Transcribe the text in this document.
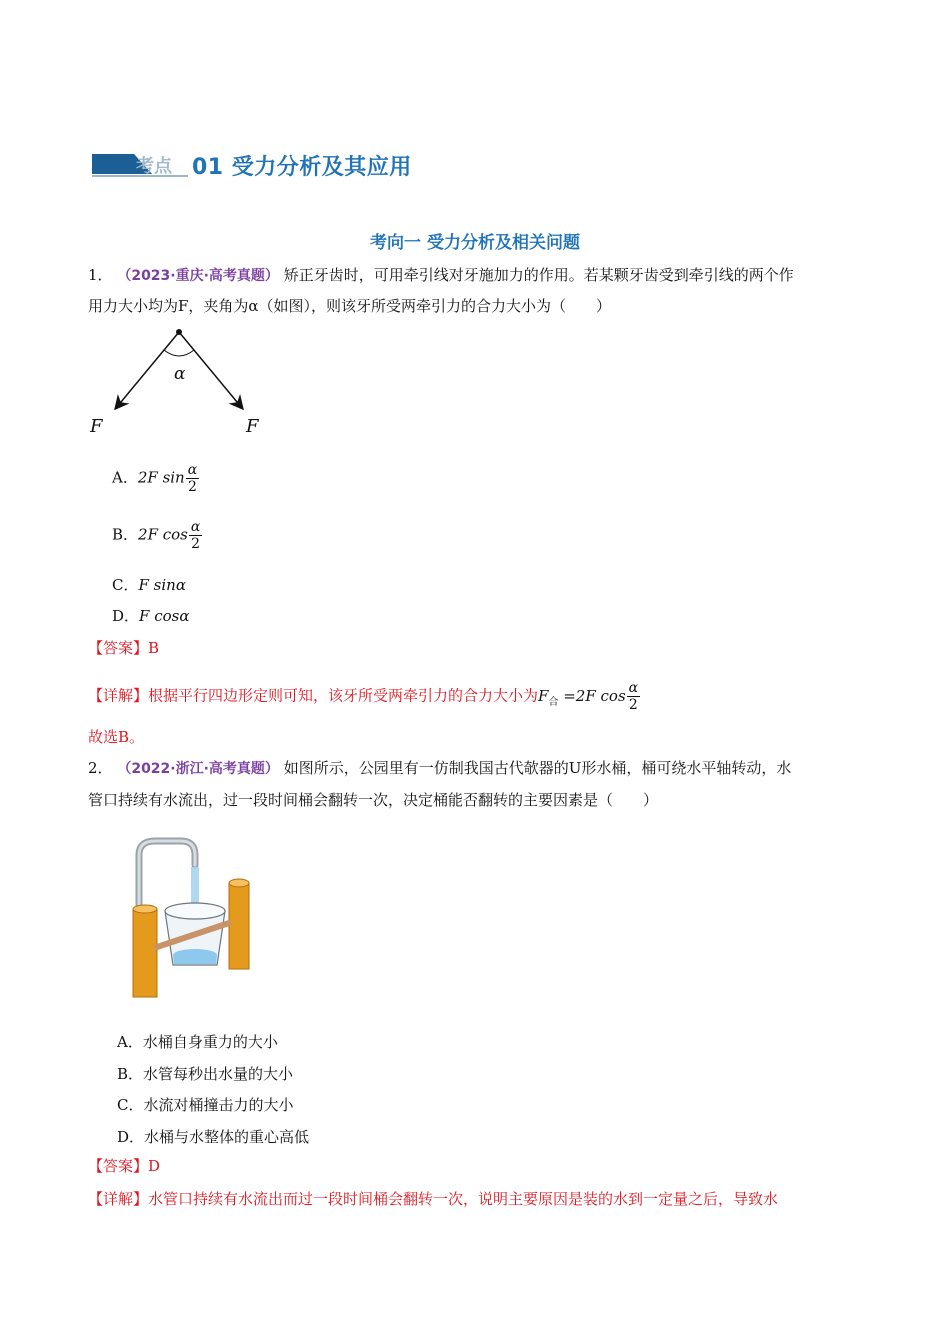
考点 01 受力分析及其应用
考向一 受力分析及相关问题
1． （2023·重庆·高考真题） 矫正牙齿时，可用牵引线对牙施加力的作用。若某颗牙齿受到牵引线的两个作
用力大小均为F，夹角为α（如图），则该牙所受两牵引力的合力大小为（　　）
α
F	F
A．2F $\sin \frac{\alpha}{2}$
B．2F $\cos \frac{\alpha}{2}$
C．F sinα
D．F cosα
【答案】B
【详解】根据平行四边形定则可知，该牙所受两牵引力的合力大小为$F_合 =2F$ $\cos \frac{\alpha}{2}$
故选B。
2． （2022·浙江·高考真题） 如图所示，公园里有一仿制我国古代欹器的U形水桶，桶可绕水平轴转动，水
管口持续有水流出，过一段时间桶会翻转一次，决定桶能否翻转的主要因素是（　　）
A．水桶自身重力的大小
B．水管每秒出水量的大小
C．水流对桶撞击力的大小
D．水桶与水整体的重心高低
【答案】D
【详解】水管口持续有水流出而过一段时间桶会翻转一次，说明主要原因是装的水到一定量之后，导致水
